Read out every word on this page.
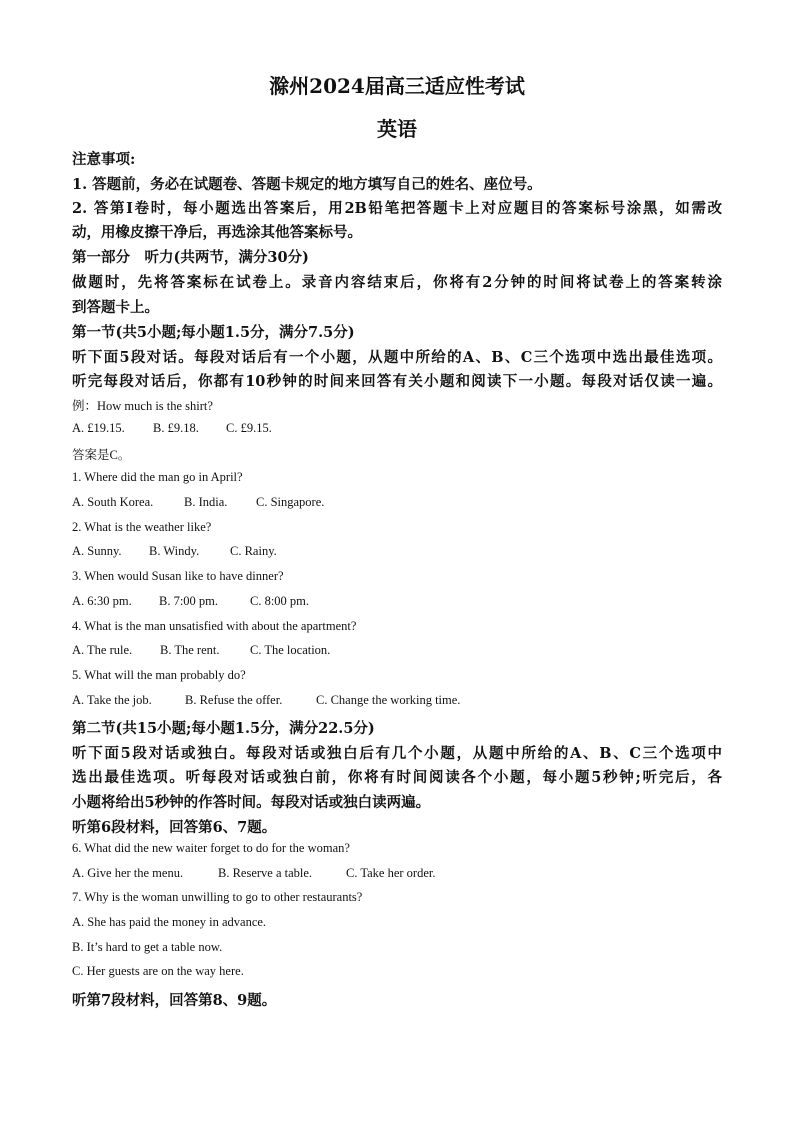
滁州2024届高三适应性考试
英语
注意事项:
1. 答题前，务必在试题卷、答题卡规定的地方填写自己的姓名、座位号。
2. 答第Ⅰ卷时，每小题选出答案后，用2B铅笔把答题卡上对应题目的答案标号涂黑，如需改
动，用橡皮擦干净后，再选涂其他答案标号。
第一部分　听力(共两节，满分30分)
做题时，先将答案标在试卷上。录音内容结束后，你将有2分钟的时间将试卷上的答案转涂
到答题卡上。
第一节(共5小题;每小题1.5分，满分7.5分)
听下面5段对话。每段对话后有一个小题，从题中所给的A、B、C三个选项中选出最佳选项。
听完每段对话后，你都有10秒钟的时间来回答有关小题和阅读下一小题。每段对话仅读一遍。
例：How much is the shirt?
A. £19.15. B. £9.18. C. £9.15.
答案是C。
1. Where did the man go in April?
A. South Korea. B. India. C. Singapore.
2. What is the weather like?
A. Sunny. B. Windy. C. Rainy.
3. When would Susan like to have dinner?
A. 6:30 pm. B. 7:00 pm.	C. 8:00 pm.
4. What is the man unsatisfied with about the apartment?
A. The rule. B. The rent. C. The location.
5. What will the man probably do?
A. Take the job.	B. Refuse the offer.	C. Change the working time.
第二节(共15小题;每小题1.5分，满分22.5分)
听下面5段对话或独白。每段对话或独白后有几个小题，从题中所给的A、B、C三个选项中
选出最佳选项。听每段对话或独白前，你将有时间阅读各个小题，每小题5秒钟;听完后，各
小题将给出5秒钟的作答时间。每段对话或独白读两遍。
听第6段材料，回答第6、7题。
6. What did the new waiter forget to do for the woman?
A. Give her the menu.	B. Reserve a table.	C. Take her order.
7. Why is the woman unwilling to go to other restaurants?
A. She has paid the money in advance.
B. It’s hard to get a table now.
C. Her guests are on the way here.
听第7段材料，回答第8、9题。
